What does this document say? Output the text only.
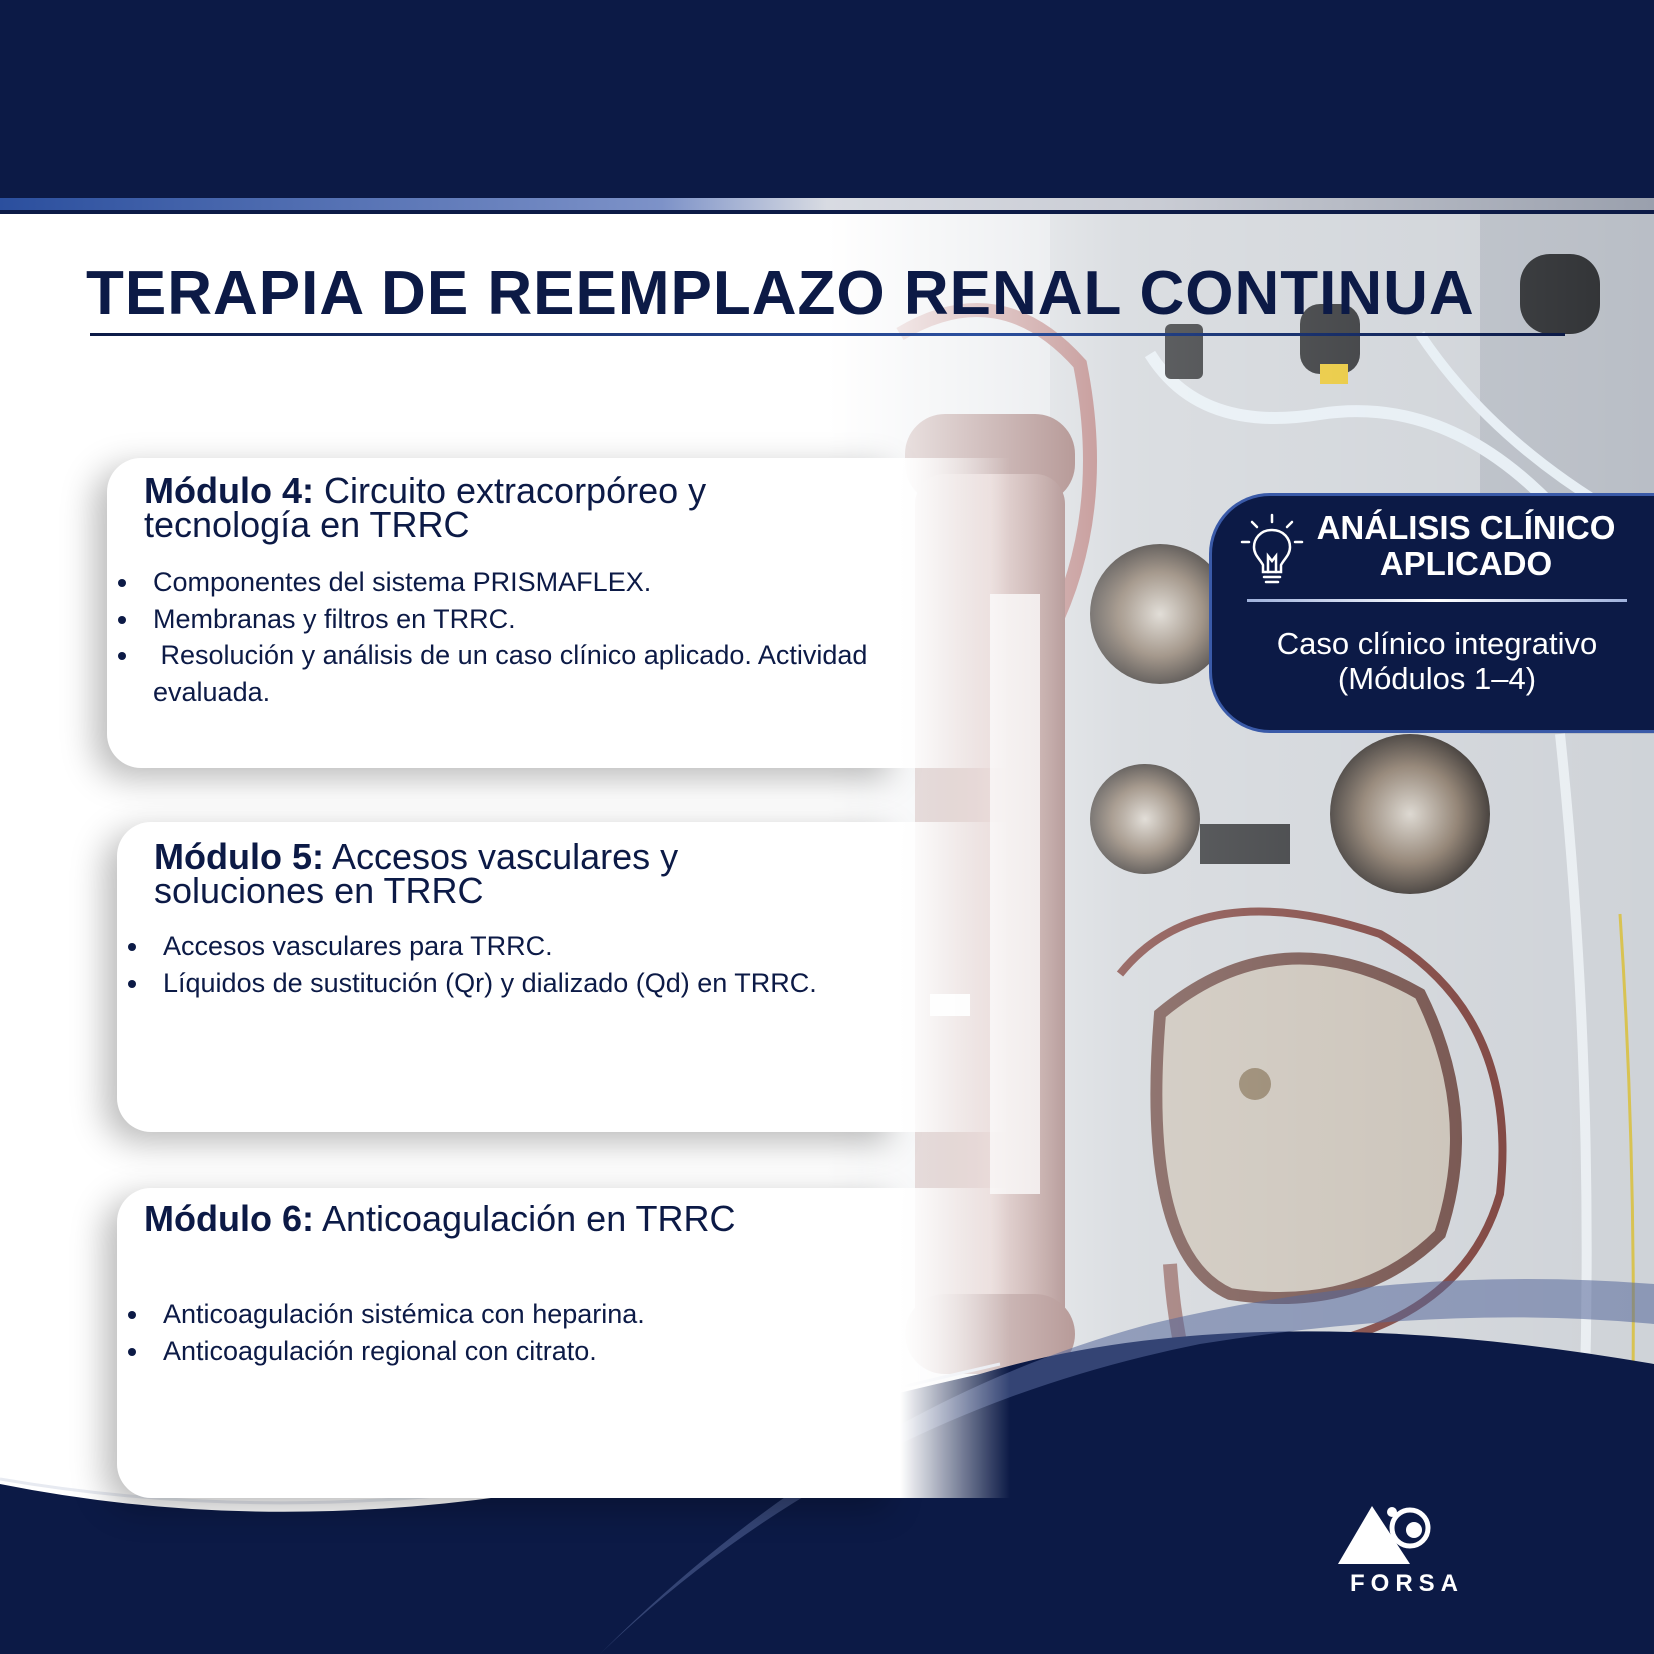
TERAPIA DE REEMPLAZO RENAL CONTINUA
Módulo 4: Circuito extracorpóreo y tecnología en TRRC
• Componentes del sistema PRISMAFLEX.
• Membranas y filtros en TRRC.
•  Resolución y análisis de un caso clínico aplicado. Actividad evaluada.
Módulo 5: Accesos vasculares y soluciones en TRRC
• Accesos vasculares para TRRC.
• Líquidos de sustitución (Qr) y dializado (Qd) en TRRC.
Módulo 6: Anticoagulación en TRRC
• Anticoagulación sistémica con heparina.
• Anticoagulación regional con citrato.
ANÁLISIS CLÍNICO APLICADO
Caso clínico integrativo (Módulos 1–4)
FORSA
